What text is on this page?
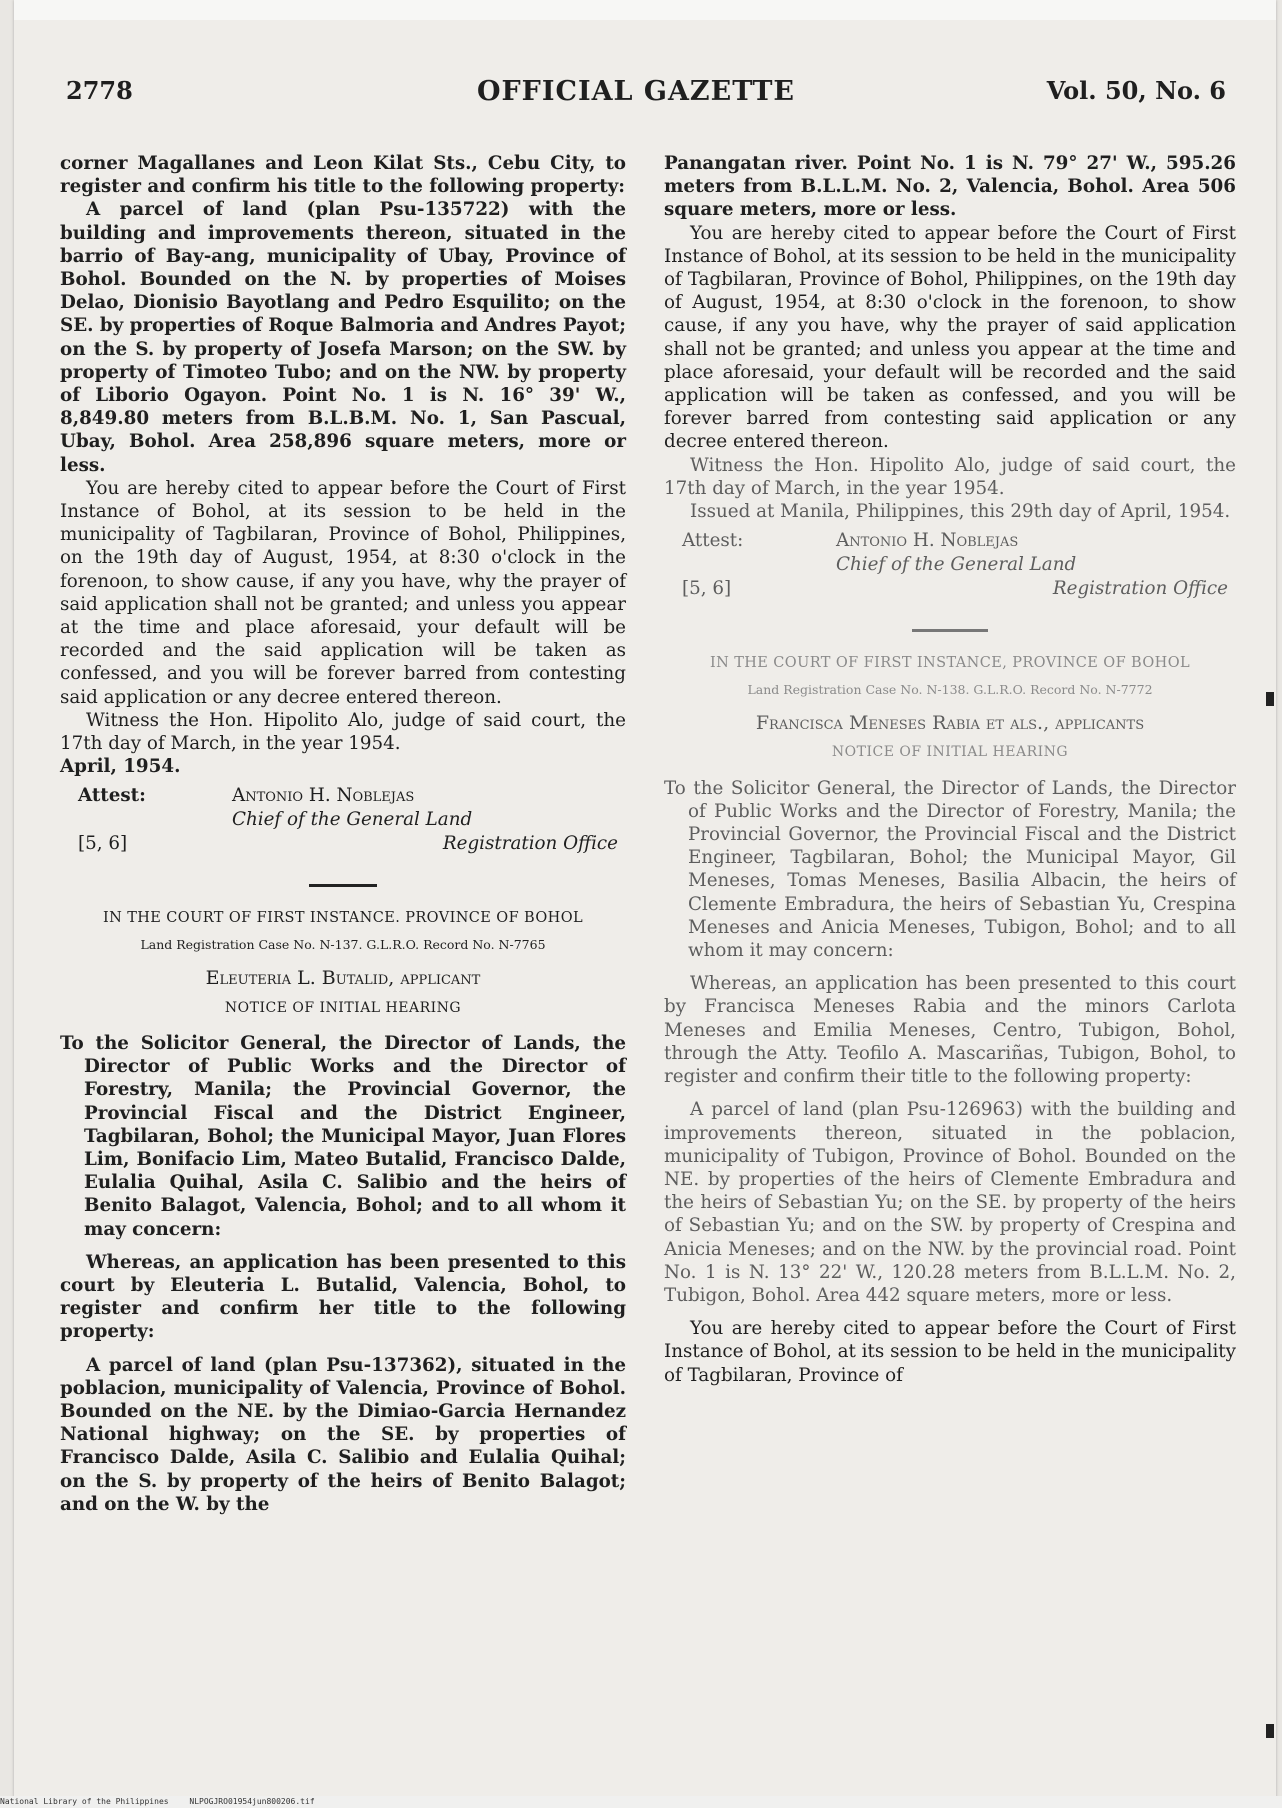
2778	OFFICIAL GAZETTE	Vol. 50, No. 6

corner Magallanes and Leon Kilat Sts., Cebu City, to register and confirm his title to the following property:

A parcel of land (plan Psu-135722) with the building and improvements thereon, situated in the barrio of Bay-ang, municipality of Ubay, Province of Bohol. Bounded on the N. by properties of Moises Delao, Dionisio Bayotlang and Pedro Esquilito; on the SE. by properties of Roque Balmoria and Andres Payot; on the S. by property of Josefa Marson; on the SW. by property of Timoteo Tubo; and on the NW. by property of Liborio Ogayon. Point No. 1 is N. 16° 39' W., 8,849.80 meters from B.L.B.M. No. 1, San Pascual, Ubay, Bohol. Area 258,896 square meters, more or less.

You are hereby cited to appear before the Court of First Instance of Bohol, at its session to be held in the municipality of Tagbilaran, Province of Bohol, Philippines, on the 19th day of August, 1954, at 8:30 o'clock in the forenoon, to show cause, if any you have, why the prayer of said application shall not be granted; and unless you appear at the time and place aforesaid, your default will be recorded and the said application will be taken as confessed, and you will be forever barred from contesting said application or any decree entered thereon.

Witness the Hon. Hipolito Alo, judge of said court, the 17th day of March, in the year 1954.

April, 1954.

Attest:	Antonio H. Noblejas
Chief of the General Land
[5, 6]	Registration Office
IN THE COURT OF FIRST INSTANCE. PROVINCE OF BOHOL
Land Registration Case No. N-137. G.L.R.O. Record No. N-7765
Eleuteria L. Butalid, applicant
NOTICE OF INITIAL HEARING

To the Solicitor General, the Director of Lands, the Director of Public Works and the Director of Forestry, Manila; the Provincial Governor, the Provincial Fiscal and the District Engineer, Tagbilaran, Bohol; the Municipal Mayor, Juan Flores Lim, Bonifacio Lim, Mateo Butalid, Francisco Dalde, Eulalia Quihal, Asila C. Salibio and the heirs of Benito Balagot, Valencia, Bohol; and to all whom it may concern:

Whereas, an application has been presented to this court by Eleuteria L. Butalid, Valencia, Bohol, to register and confirm her title to the following property:

A parcel of land (plan Psu-137362), situated in the poblacion, municipality of Valencia, Province of Bohol. Bounded on the NE. by the Dimiao-Garcia Hernandez National highway; on the SE. by properties of Francisco Dalde, Asila C. Salibio and Eulalia Quihal; on the S. by property of the heirs of Benito Balagot; and on the W. by the

Panangatan river. Point No. 1 is N. 79° 27' W., 595.26 meters from B.L.L.M. No. 2, Valencia, Bohol. Area 506 square meters, more or less.

You are hereby cited to appear before the Court of First Instance of Bohol, at its session to be held in the municipality of Tagbilaran, Province of Bohol, Philippines, on the 19th day of August, 1954, at 8:30 o'clock in the forenoon, to show cause, if any you have, why the prayer of said application shall not be granted; and unless you appear at the time and place aforesaid, your default will be recorded and the said application will be taken as confessed, and you will be forever barred from contesting said application or any decree entered thereon.

Witness the Hon. Hipolito Alo, judge of said court, the 17th day of March, in the year 1954.

Issued at Manila, Philippines, this 29th day of April, 1954.

Attest:	Antonio H. Noblejas
Chief of the General Land
[5, 6]	Registration Office
IN THE COURT OF FIRST INSTANCE, PROVINCE OF BOHOL
Land Registration Case No. N-138. G.L.R.O. Record No. N-7772
Francisca Meneses Rabia et als., applicants
NOTICE OF INITIAL HEARING

To the Solicitor General, the Director of Lands, the Director of Public Works and the Director of Forestry, Manila; the Provincial Governor, the Provincial Fiscal and the District Engineer, Tagbilaran, Bohol; the Municipal Mayor, Gil Meneses, Tomas Meneses, Basilia Albacin, the heirs of Clemente Embradura, the heirs of Sebastian Yu, Crespina Meneses and Anicia Meneses, Tubigon, Bohol; and to all whom it may concern:

Whereas, an application has been presented to this court by Francisca Meneses Rabia and the minors Carlota Meneses and Emilia Meneses, Centro, Tubigon, Bohol, through the Atty. Teofilo A. Mascariñas, Tubigon, Bohol, to register and confirm their title to the following property:

A parcel of land (plan Psu-126963) with the building and improvements thereon, situated in the poblacion, municipality of Tubigon, Province of Bohol. Bounded on the NE. by properties of the heirs of Clemente Embradura and the heirs of Sebastian Yu; on the SE. by property of the heirs of Sebastian Yu; and on the SW. by property of Crespina and Anicia Meneses; and on the NW. by the provincial road. Point No. 1 is N. 13° 22' W., 120.28 meters from B.L.L.M. No. 2, Tubigon, Bohol. Area 442 square meters, more or less.

You are hereby cited to appear before the Court of First Instance of Bohol, at its session to be held in the municipality of Tagbilaran, Province of

National Library of the Philippines	NLPOGJRO01954jun800206.tif
